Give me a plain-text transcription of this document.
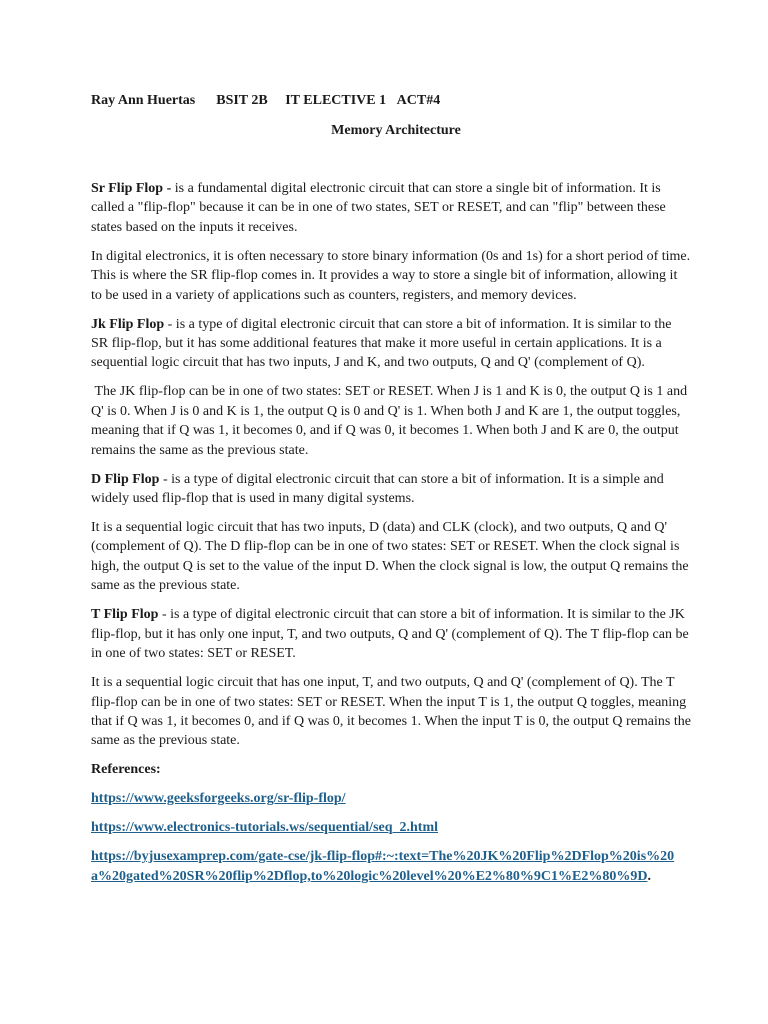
Ray Ann Huertas BSIT 2B IT ELECTIVE 1 ACT#4
Memory Architecture

Sr Flip Flop - is a fundamental digital electronic circuit that can store a single bit of information. It is called a "flip-flop" because it can be in one of two states, SET or RESET, and can "flip" between these states based on the inputs it receives.

In digital electronics, it is often necessary to store binary information (0s and 1s) for a short period of time. This is where the SR flip-flop comes in. It provides a way to store a single bit of information, allowing it to be used in a variety of applications such as counters, registers, and memory devices.

Jk Flip Flop - is a type of digital electronic circuit that can store a bit of information. It is similar to the SR flip-flop, but it has some additional features that make it more useful in certain applications. It is a sequential logic circuit that has two inputs, J and K, and two outputs, Q and Q' (complement of Q).

The JK flip-flop can be in one of two states: SET or RESET. When J is 1 and K is 0, the output Q is 1 and Q' is 0. When J is 0 and K is 1, the output Q is 0 and Q' is 1. When both J and K are 1, the output toggles, meaning that if Q was 1, it becomes 0, and if Q was 0, it becomes 1. When both J and K are 0, the output remains the same as the previous state.

D Flip Flop - is a type of digital electronic circuit that can store a bit of information. It is a simple and widely used flip-flop that is used in many digital systems.

It is a sequential logic circuit that has two inputs, D (data) and CLK (clock), and two outputs, Q and Q' (complement of Q). The D flip-flop can be in one of two states: SET or RESET. When the clock signal is high, the output Q is set to the value of the input D. When the clock signal is low, the output Q remains the same as the previous state.

T Flip Flop - is a type of digital electronic circuit that can store a bit of information. It is similar to the JK flip-flop, but it has only one input, T, and two outputs, Q and Q' (complement of Q). The T flip-flop can be in one of two states: SET or RESET.

It is a sequential logic circuit that has one input, T, and two outputs, Q and Q' (complement of Q). The T flip-flop can be in one of two states: SET or RESET. When the input T is 1, the output Q toggles, meaning that if Q was 1, it becomes 0, and if Q was 0, it becomes 1. When the input T is 0, the output Q remains the same as the previous state.

References:

https://www.geeksforgeeks.org/sr-flip-flop/

https://www.electronics-tutorials.ws/sequential/seq_2.html

https://byjusexamprep.com/gate-cse/jk-flip-flop#:~:text=The%20JK%20Flip%2DFlop%20is%20a%20gated%20SR%20flip%2Dflop,to%20logic%20level%20%E2%80%9C1%E2%80%9D.
